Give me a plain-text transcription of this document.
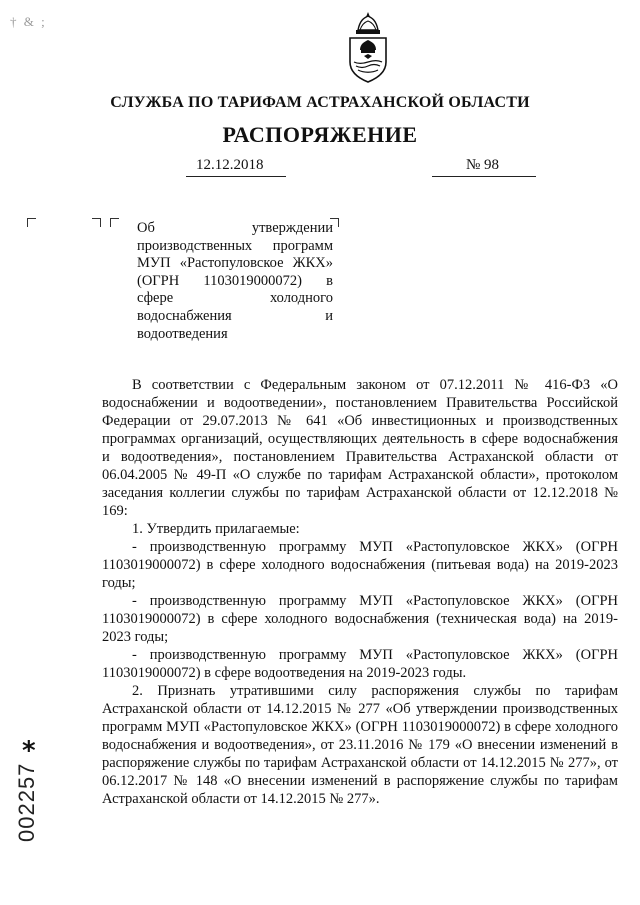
† & ;
СЛУЖБА ПО ТАРИФАМ АСТРАХАНСКОЙ ОБЛАСТИ
РАСПОРЯЖЕНИЕ
12.12.2018	№ 98
Об утверждении
производственных программ
МУП «Растопуловское ЖКХ»
(ОГРН 1103019000072) в
сфере холодного
водоснабжения и
водоотведения

В соответствии с Федеральным законом от 07.12.2011 № 416-ФЗ «О водоснабжении и водоотведении», постановлением Правительства Российской Федерации от 29.07.2013 № 641 «Об инвестиционных и производственных программах организаций, осуществляющих деятельность в сфере водоснабжения и водоотведения», постановлением Правительства Астраханской области от 06.04.2005 № 49-П «О службе по тарифам Астраханской области», протоколом заседания коллегии службы по тарифам Астраханской области от 12.12.2018 № 169:

1. Утвердить прилагаемые:

- производственную программу МУП «Растопуловское ЖКХ» (ОГРН 1103019000072) в сфере холодного водоснабжения (питьевая вода) на 2019-2023 годы;

- производственную программу МУП «Растопуловское ЖКХ» (ОГРН 1103019000072) в сфере холодного водоснабжения (техническая вода) на 2019-2023 годы;

- производственную программу МУП «Растопуловское ЖКХ» (ОГРН 1103019000072) в сфере водоотведения на 2019-2023 годы.

2. Признать утратившими силу распоряжения службы по тарифам Астраханской области от 14.12.2015 № 277 «Об утверждении производственных программ МУП «Растопуловское ЖКХ» (ОГРН 1103019000072) в сфере холодного водоснабжения и водоотведения», от 23.11.2016 № 179 «О внесении изменений в распоряжение службы по тарифам Астраханской области от 14.12.2015 № 277», от 06.12.2017 № 148 «О внесении изменений в распоряжение службы по тарифам Астраханской области от 14.12.2015 № 277».

*
002257
